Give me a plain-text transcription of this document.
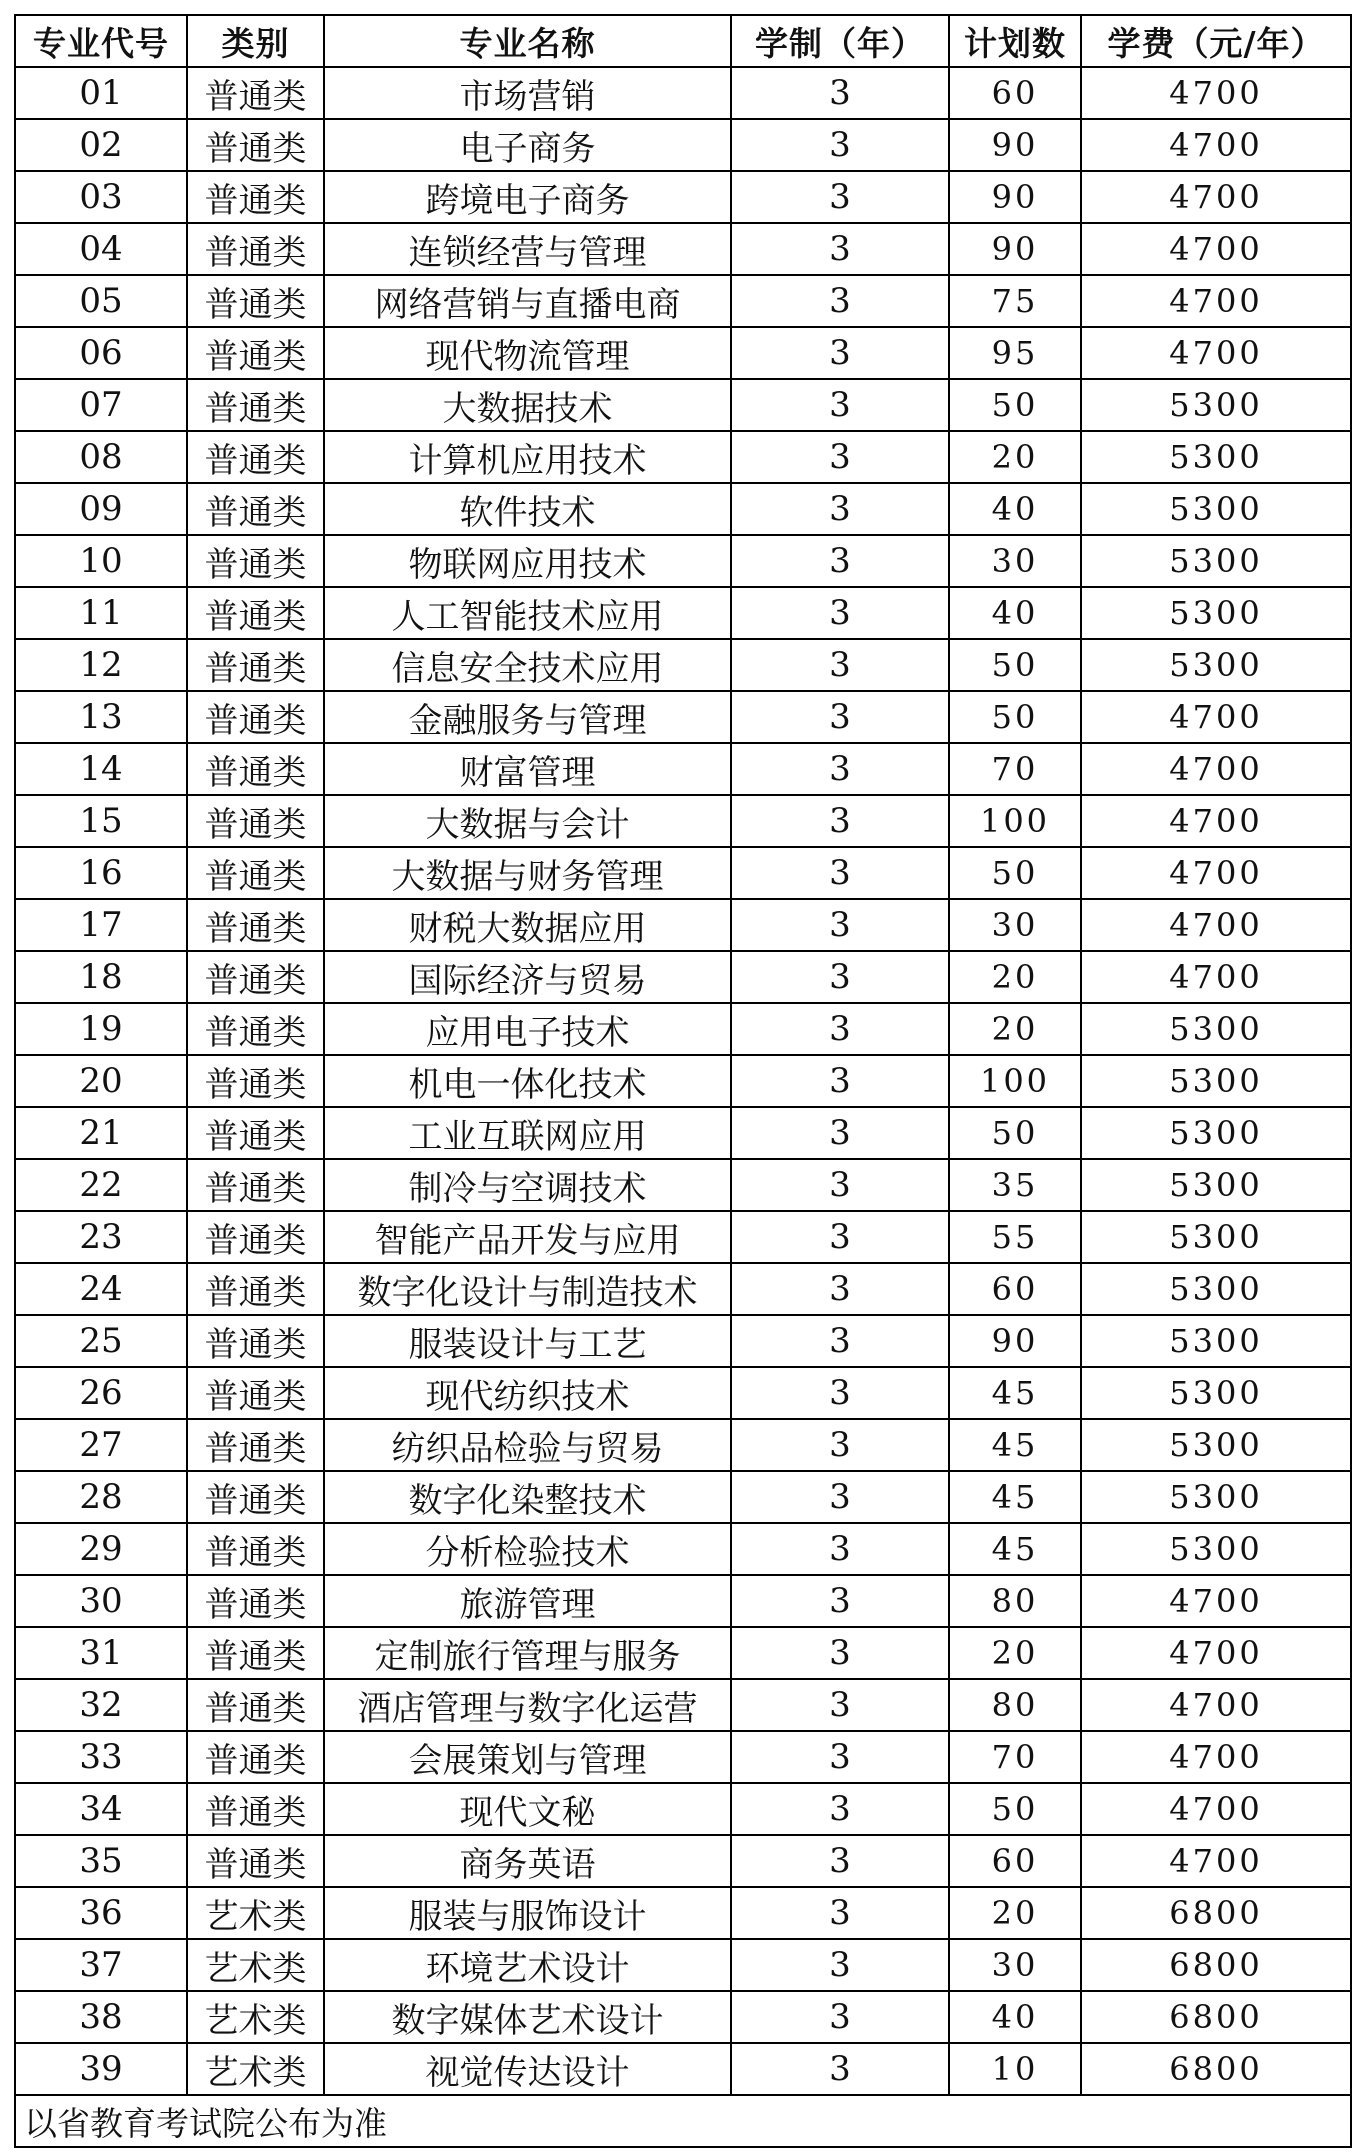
专业代号	类别	专业名称	学制（年）	计划数	学费（元/年）
01	普通类	市场营销	3	60	4700
02	普通类	电子商务	3	90	4700
03	普通类	跨境电子商务	3	90	4700
04	普通类	连锁经营与管理	3	90	4700
05	普通类	网络营销与直播电商	3	75	4700
06	普通类	现代物流管理	3	95	4700
07	普通类	大数据技术	3	50	5300
08	普通类	计算机应用技术	3	20	5300
09	普通类	软件技术	3	40	5300
10	普通类	物联网应用技术	3	30	5300
11	普通类	人工智能技术应用	3	40	5300
12	普通类	信息安全技术应用	3	50	5300
13	普通类	金融服务与管理	3	50	4700
14	普通类	财富管理	3	70	4700
15	普通类	大数据与会计	3	100	4700
16	普通类	大数据与财务管理	3	50	4700
17	普通类	财税大数据应用	3	30	4700
18	普通类	国际经济与贸易	3	20	4700
19	普通类	应用电子技术	3	20	5300
20	普通类	机电一体化技术	3	100	5300
21	普通类	工业互联网应用	3	50	5300
22	普通类	制冷与空调技术	3	35	5300
23	普通类	智能产品开发与应用	3	55	5300
24	普通类	数字化设计与制造技术	3	60	5300
25	普通类	服装设计与工艺	3	90	5300
26	普通类	现代纺织技术	3	45	5300
27	普通类	纺织品检验与贸易	3	45	5300
28	普通类	数字化染整技术	3	45	5300
29	普通类	分析检验技术	3	45	5300
30	普通类	旅游管理	3	80	4700
31	普通类	定制旅行管理与服务	3	20	4700
32	普通类	酒店管理与数字化运营	3	80	4700
33	普通类	会展策划与管理	3	70	4700
34	普通类	现代文秘	3	50	4700
35	普通类	商务英语	3	60	4700
36	艺术类	服装与服饰设计	3	20	6800
37	艺术类	环境艺术设计	3	30	6800
38	艺术类	数字媒体艺术设计	3	40	6800
39	艺术类	视觉传达设计	3	10	6800
以省教育考试院公布为准					
